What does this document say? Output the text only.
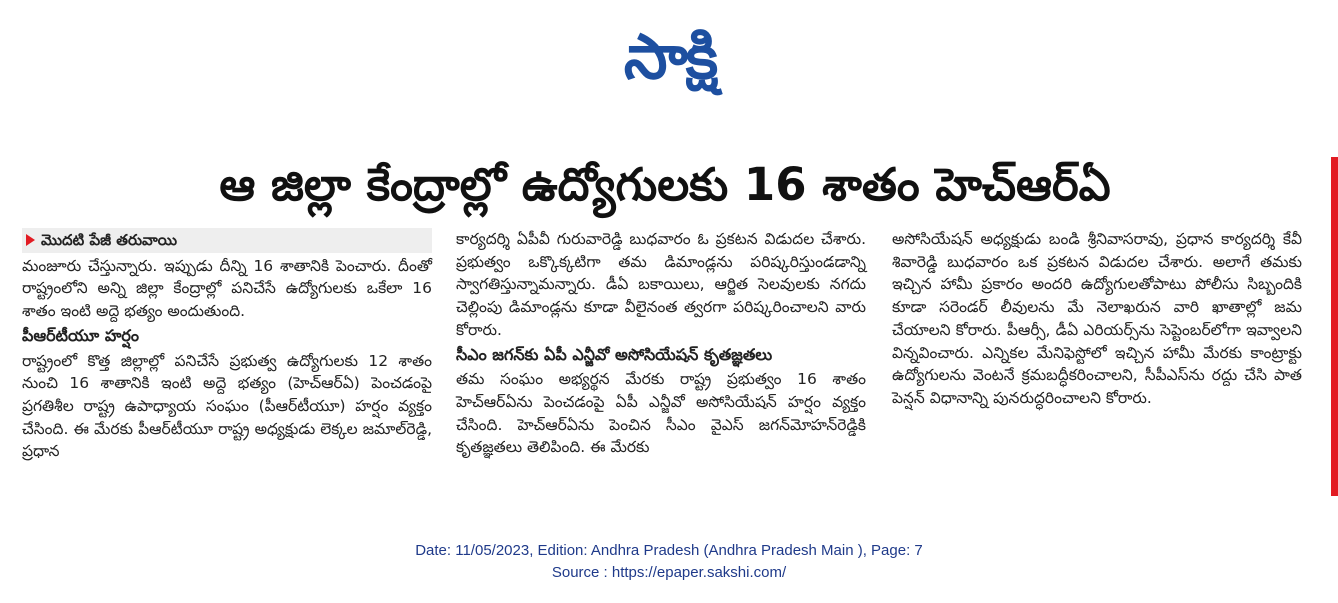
సాక్షి
ఆ జిల్లా కేంద్రాల్లో ఉద్యోగులకు 16 శాతం హెచ్‌ఆర్‌ఏ
మొదటి పేజీ తరువాయి

మంజూరు చేస్తున్నారు. ఇప్పుడు దీన్ని 16 శాతానికి పెంచారు. దీంతో రాష్ట్రంలోని అన్ని జిల్లా కేంద్రాల్లో పనిచేసే ఉద్యోగులకు ఒకేలా 16 శాతం ఇంటి అద్దె భత్యం అందుతుంది.

పీఆర్‌టీయూ హర్షం

రాష్ట్రంలో కొత్త జిల్లాల్లో పనిచేసే ప్రభుత్వ ఉద్యోగులకు 12 శాతం నుంచి 16 శాతానికి ఇంటి అద్దె భత్యం (హెచ్‌ఆర్‌ఏ) పెంచడంపై ప్రగతిశీల రాష్ట్ర ఉపాధ్యాయ సంఘం (పీఆర్‌టీయూ) హర్షం వ్యక్తం చేసింది. ఈ మేరకు పీఆర్‌టీయూ రాష్ట్ర అధ్యక్షుడు లెక్కల జమాల్‌రెడ్డి, ప్రధాన

కార్యదర్శి ఏపీవీ గురువారెడ్డి బుధవారం ఓ ప్రకటన విడుదల చేశారు. ప్రభుత్వం ఒక్కొక్కటిగా తమ డిమాండ్లను పరిష్కరిస్తుండడాన్ని స్వాగతిస్తున్నామన్నారు. డీఏ బకాయిలు, ఆర్జిత సెలవులకు నగదు చెల్లింపు డిమాండ్లను కూడా వీలైనంత త్వరగా పరిష్కరించాలని వారు కోరారు.

సీఎం జగన్‌కు ఏపీ ఎన్జీవో అసోసియేషన్ కృతజ్ఞతలు

తమ సంఘం అభ్యర్థన మేరకు రాష్ట్ర ప్రభుత్వం 16 శాతం హెచ్‌ఆర్‌ఏను పెంచడంపై ఏపీ ఎన్జీవో అసోసియేషన్ హర్షం వ్యక్తం చేసింది. హెచ్‌ఆర్‌ఏను పెంచిన సీఎం వైఎస్ జగన్‌మోహన్‌రెడ్డికి కృతజ్ఞతలు తెలిపింది. ఈ మేరకు

అసోసియేషన్ అధ్యక్షుడు బండి శ్రీనివాసరావు, ప్రధాన కార్యదర్శి కేవీ శివారెడ్డి బుధవారం ఒక ప్రకటన విడుదల చేశారు. అలాగే తమకు ఇచ్చిన హామీ ప్రకారం అందరి ఉద్యోగులతోపాటు పోలీసు సిబ్బందికి కూడా సరెండర్ లీవులను మే నెలాఖరున వారి ఖాతాల్లో జమ చేయాలని కోరారు. పీఆర్సీ, డీఏ ఎరియర్స్‌ను సెప్టెంబర్‌లోగా ఇవ్వాలని విన్నవించారు. ఎన్నికల మేనిఫెస్టోలో ఇచ్చిన హామీ మేరకు కాంట్రాక్టు ఉద్యోగులను వెంటనే క్రమబద్ధీకరించాలని, సీపీఎస్‌ను రద్దు చేసి పాత పెన్షన్ విధానాన్ని పునరుద్ధరించాలని కోరారు.

Date: 11/05/2023, Edition: Andhra Pradesh (Andhra Pradesh Main ), Page: 7
Source : https://epaper.sakshi.com/
